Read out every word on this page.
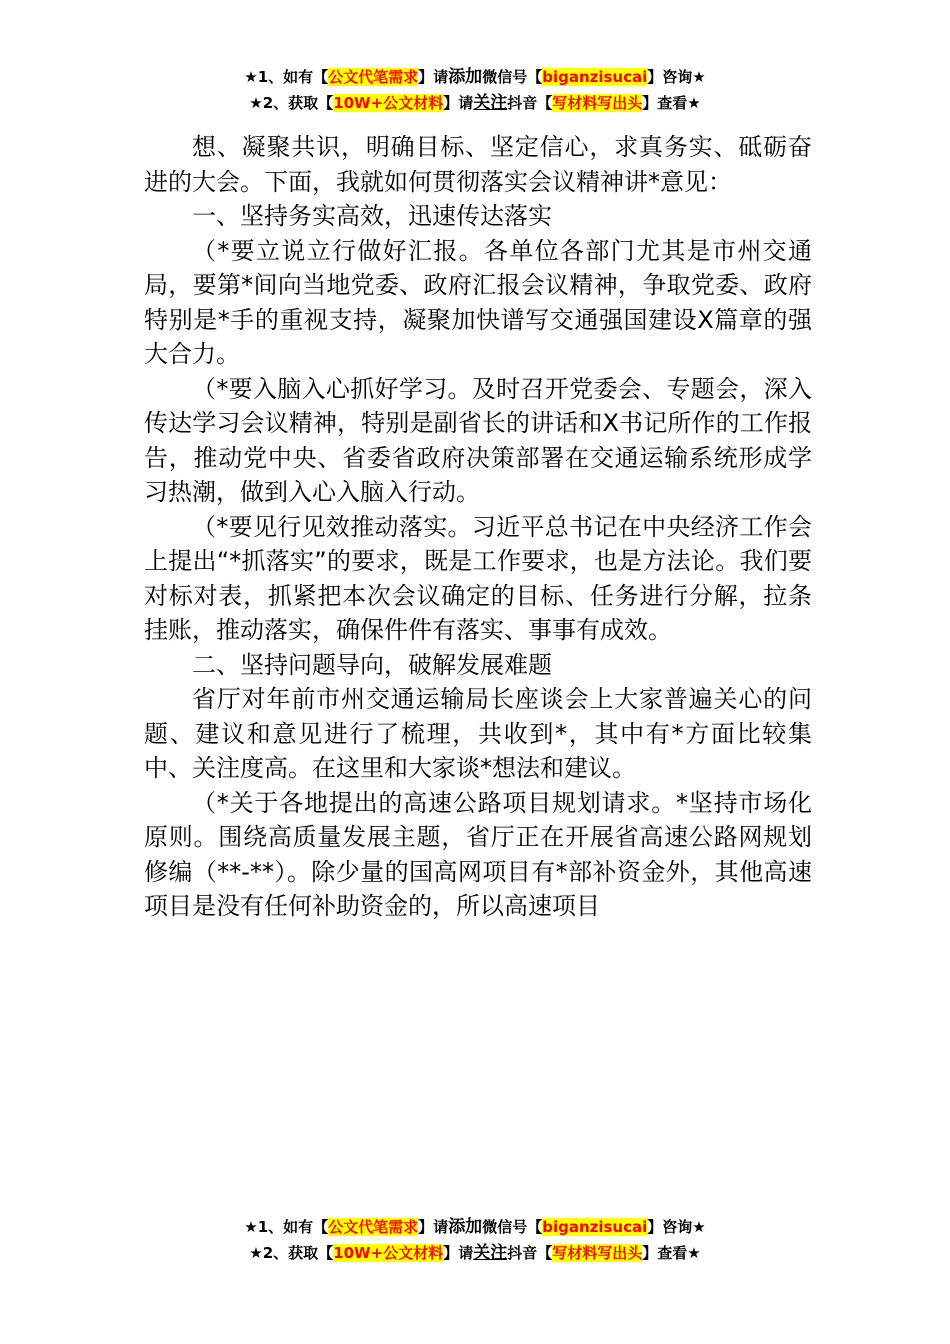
★1、如有【公文代笔需求】请添加微信号【biganzisucai】咨询★
★2、获取【10W+公文材料】请关注抖音【写材料写出头】查看★

想、凝聚共识，明确目标、坚定信心，求真务实、砥砺奋进的大会。下面，我就如何贯彻落实会议精神讲*意见：

一、坚持务实高效，迅速传达落实

（*要立说立行做好汇报。各单位各部门尤其是市州交通局，要第*间向当地党委、政府汇报会议精神，争取党委、政府特别是*手的重视支持，凝聚加快谱写交通强国建设X篇章的强大合力。

（*要入脑入心抓好学习。及时召开党委会、专题会，深入传达学习会议精神，特别是副省长的讲话和X书记所作的工作报告，推动党中央、省委省政府决策部署在交通运输系统形成学习热潮，做到入心入脑入行动。

（*要见行见效推动落实。习近平总书记在中央经济工作会上提出“*抓落实”的要求，既是工作要求，也是方法论。我们要对标对表，抓紧把本次会议确定的目标、任务进行分解，拉条挂账，推动落实，确保件件有落实、事事有成效。

二、坚持问题导向，破解发展难题

省厅对年前市州交通运输局长座谈会上大家普遍关心的问题、建议和意见进行了梳理，共收到*，其中有*方面比较集中、关注度高。在这里和大家谈*想法和建议。

（*关于各地提出的高速公路项目规划请求。*坚持市场化原则。围绕高质量发展主题，省厅正在开展省高速公路网规划修编（**-**）。除少量的国高网项目有*部补资金外，其他高速项目是没有任何补助资金的，所以高速项目

★1、如有【公文代笔需求】请添加微信号【biganzisucai】咨询★
★2、获取【10W+公文材料】请关注抖音【写材料写出头】查看★
